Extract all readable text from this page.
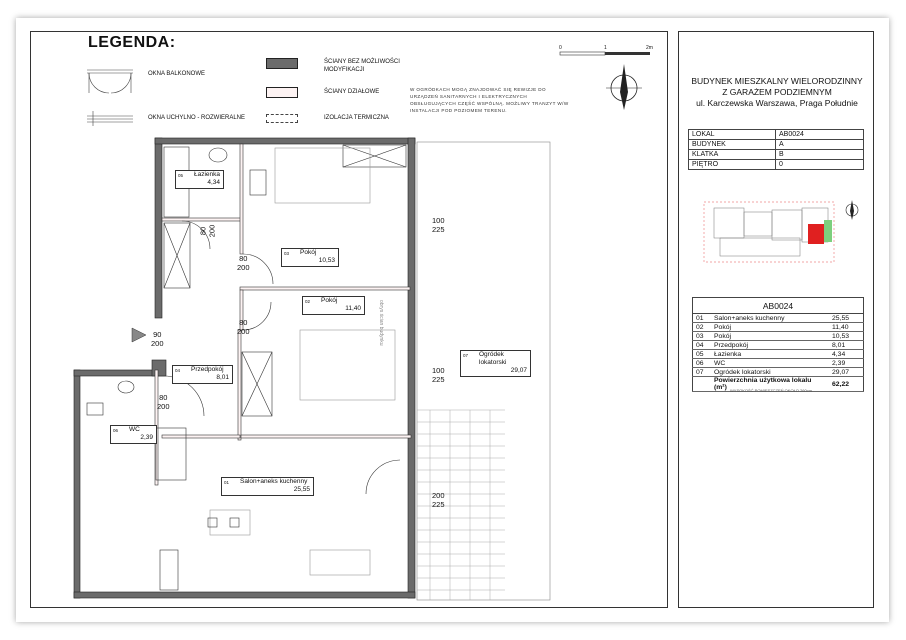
LEGENDA:
OKNA BALKONOWE
OKNA UCHYLNO - ROZWIERALNE
ŚCIANY BEZ MOŻLIWOŚCI MODYFIKACJI
ŚCIANY DZIAŁOWE
IZOLACJA TERMICZNA
W OGRÓDKACH MOGĄ ZNAJDOWAĆ SIĘ REWIZJE DO URZĄDZEŃ SANITARNYCH I ELEKTRYCZNYCH OBSŁUGUJĄCYCH CZĘŚĆ WSPÓLNĄ. MOŻLIWY TRANZYT W/W INSTALACJI POD POZIOMEM TERENU.
0	1	2m
05 Łazienka
4,34
03 Pokój
10,53
02 Pokój
11,40
04 Przedpokój
8,01
06 WC
2,39
01 Salon+aneks kuchenny
25,55
07 Ogródek lokatorski
29,07
80
200
80
200
80
200
90
200
80
200
100
225
100
225
200
225
obrys ścian budynku
BUDYNEK MIESZKALNY WIELORODZINNY
Z GARAŻEM PODZIEMNYM
ul. Karczewska Warszawa, Praga Południe
LOKAL	AB0024
BUDYNEK	A
KLATKA	B
PIĘTRO	0
AB0024		
01	Salon+aneks kuchenny	25,55
02	Pokój	11,40
03	Pokój	10,53
04	Przedpokój	8,01
05	Łazienka	4,34
06	WC	2,39
07	Ogródek lokatorski	29,07
	Powierzchnia użytkowa lokalu (m²)	62,22
WYSOKOŚĆ POMIESZCZEŃ OKOŁO 260cm
